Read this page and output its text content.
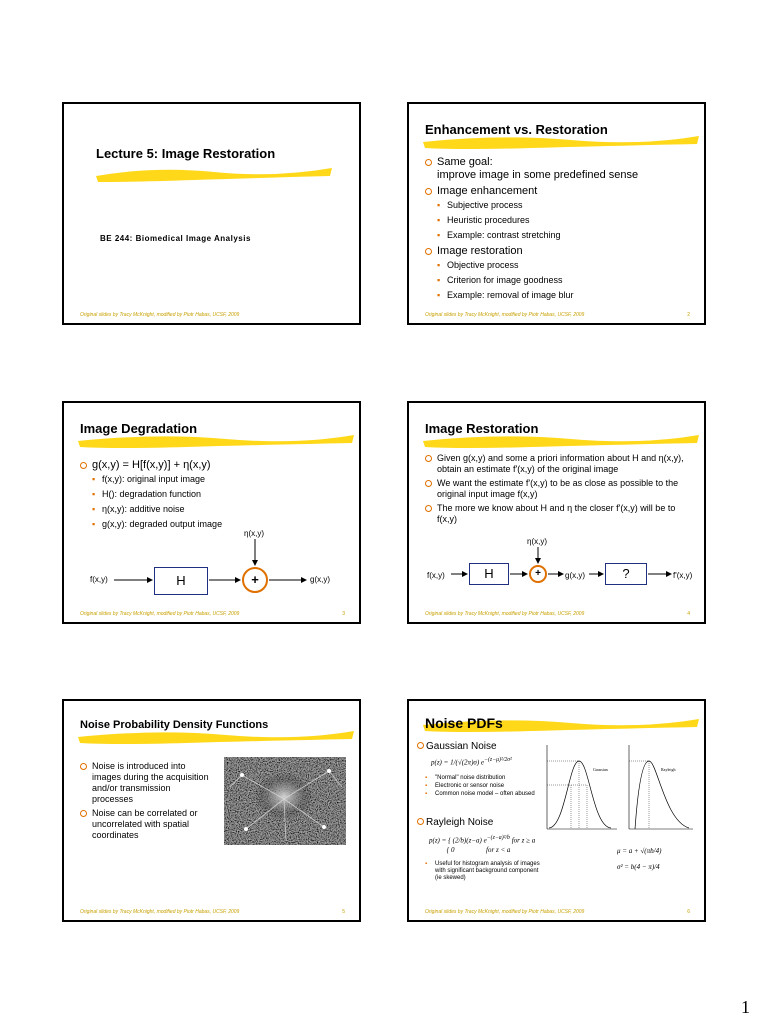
Lecture 5: Image Restoration
BE 244: Biomedical Image Analysis
Original slides by Tracy McKnight, modified by Piotr Habas, UCSF, 2009
Enhancement vs. Restoration
Same goal:
improve image in some predefined sense
Image enhancement
▪ Subjective process
▪ Heuristic procedures
▪ Example: contrast stretching
Image restoration
▪ Objective process
▪ Criterion for image goodness
▪ Example: removal of image blur
Original slides by Tracy McKnight, modified by Piotr Habas, UCSF, 2009	2
Image Degradation
g(x,y) = H[f(x,y)] + η(x,y)
▪ f(x,y): original input image
▪ H(): degradation function
▪ η(x,y): additive noise
▪ g(x,y): degraded output image
η(x,y)
f(x,y)	H	+	g(x,y)
Original slides by Tracy McKnight, modified by Piotr Habas, UCSF, 2009	3
Image Restoration
Given g(x,y) and some a priori information about H and η(x,y), obtain an estimate f'(x,y) of the original image
We want the estimate f'(x,y) to be as close as possible to the original input image f(x,y)
The more we know about H and η the closer f'(x,y) will be to f(x,y)
η(x,y)
f(x,y)	H	+	g(x,y)	?	f'(x,y)
Original slides by Tracy McKnight, modified by Piotr Habas, UCSF, 2009	4
Noise Probability Density Functions
Noise is introduced into images during the acquisition and/or transmission processes
Noise can be correlated or uncorrelated with spatial coordinates
Original slides by Tracy McKnight, modified by Piotr Habas, UCSF, 2009	5
Noise PDFs
Gaussian Noise
p(z) = 1/(√(2π)σ) $e^{-(z-\mu)^2/2\sigma^2}$
▪ "Normal" noise distribution
▪ Electronic or sensor noise
▪ Common noise model – often abused
Rayleigh Noise
p(z) = { (2/b)(z−a) $e^{-(z-a)^2/b}$ for z ≥ a
{ 0                  for z < a
▪ Useful for histogram analysis of images with significant background component (ie skewed)
μ = a + √(πb/4)
σ² = b(4 − π)/4
Gaussian	Rayleigh
Original slides by Tracy McKnight, modified by Piotr Habas, UCSF, 2009	6
1
